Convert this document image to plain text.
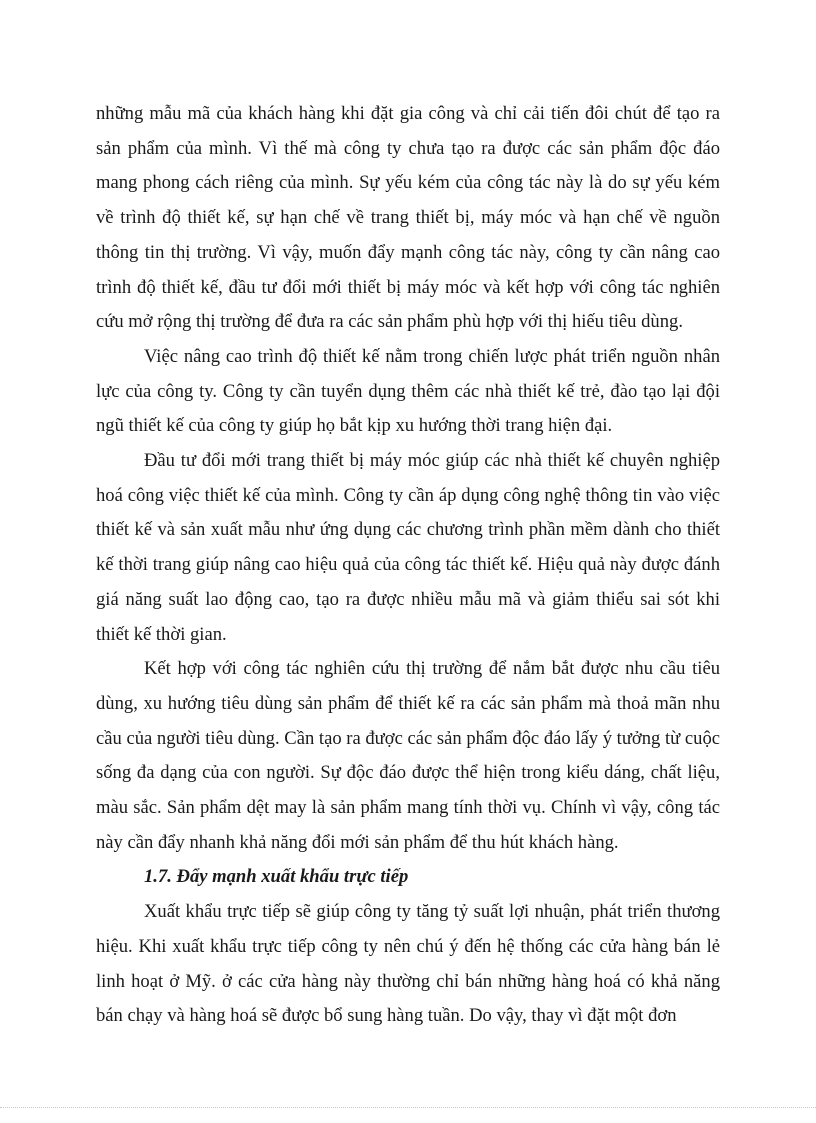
những mẫu mã của khách hàng khi đặt gia công và chỉ cải tiến đôi chút để tạo ra sản phẩm của mình. Vì thế mà công ty chưa tạo ra được các sản phẩm độc đáo mang phong cách riêng của mình. Sự yếu kém của công tác này là do sự yếu kém về trình độ thiết kế, sự hạn chế về trang thiết bị, máy móc và hạn chế về nguồn thông tin thị trường. Vì vậy, muốn đẩy mạnh công tác này, công ty cần nâng cao trình độ thiết kế, đầu tư đổi mới thiết bị máy móc và kết hợp với công tác nghiên cứu mở rộng thị trường để đưa ra các sản phẩm phù hợp với thị hiếu tiêu dùng.

Việc nâng cao trình độ thiết kế nằm trong chiến lược phát triển nguồn nhân lực của công ty. Công ty cần tuyển dụng thêm các nhà thiết kế trẻ, đào tạo lại đội ngũ thiết kế của công ty giúp họ bắt kịp xu hướng thời trang hiện đại.

Đầu tư đổi mới trang thiết bị máy móc giúp các nhà thiết kế chuyên nghiệp hoá công việc thiết kế của mình. Công ty cần áp dụng công nghệ thông tin vào việc thiết kế và sản xuất mẫu như ứng dụng các chương trình phần mềm dành cho thiết kế thời trang giúp nâng cao hiệu quả của công tác thiết kế. Hiệu quả này được đánh giá năng suất lao động cao, tạo ra được nhiều mẫu mã và giảm thiểu sai sót khi thiết kế thời gian.

Kết hợp với công tác nghiên cứu thị trường để nắm bắt được nhu cầu tiêu dùng, xu hướng tiêu dùng sản phẩm để thiết kế ra các sản phẩm mà thoả mãn nhu cầu của người tiêu dùng. Cần tạo ra được các sản phẩm độc đáo lấy ý tưởng từ cuộc sống đa dạng của con người. Sự độc đáo được thể hiện trong kiểu dáng, chất liệu, màu sắc. Sản phẩm dệt may là sản phẩm mang tính thời vụ. Chính vì vậy, công tác này cần đẩy nhanh khả năng đổi mới sản phẩm để thu hút khách hàng.

1.7. Đẩy mạnh xuất khẩu trực tiếp

Xuất khẩu trực tiếp sẽ giúp công ty tăng tỷ suất lợi nhuận, phát triển thương hiệu. Khi xuất khẩu trực tiếp công ty nên chú ý đến hệ thống các cửa hàng bán lẻ linh hoạt ở Mỹ. ở các cửa hàng này thường chỉ bán những hàng hoá có khả năng bán chạy và hàng hoá sẽ được bổ sung hàng tuần. Do vậy, thay vì đặt một đơn
